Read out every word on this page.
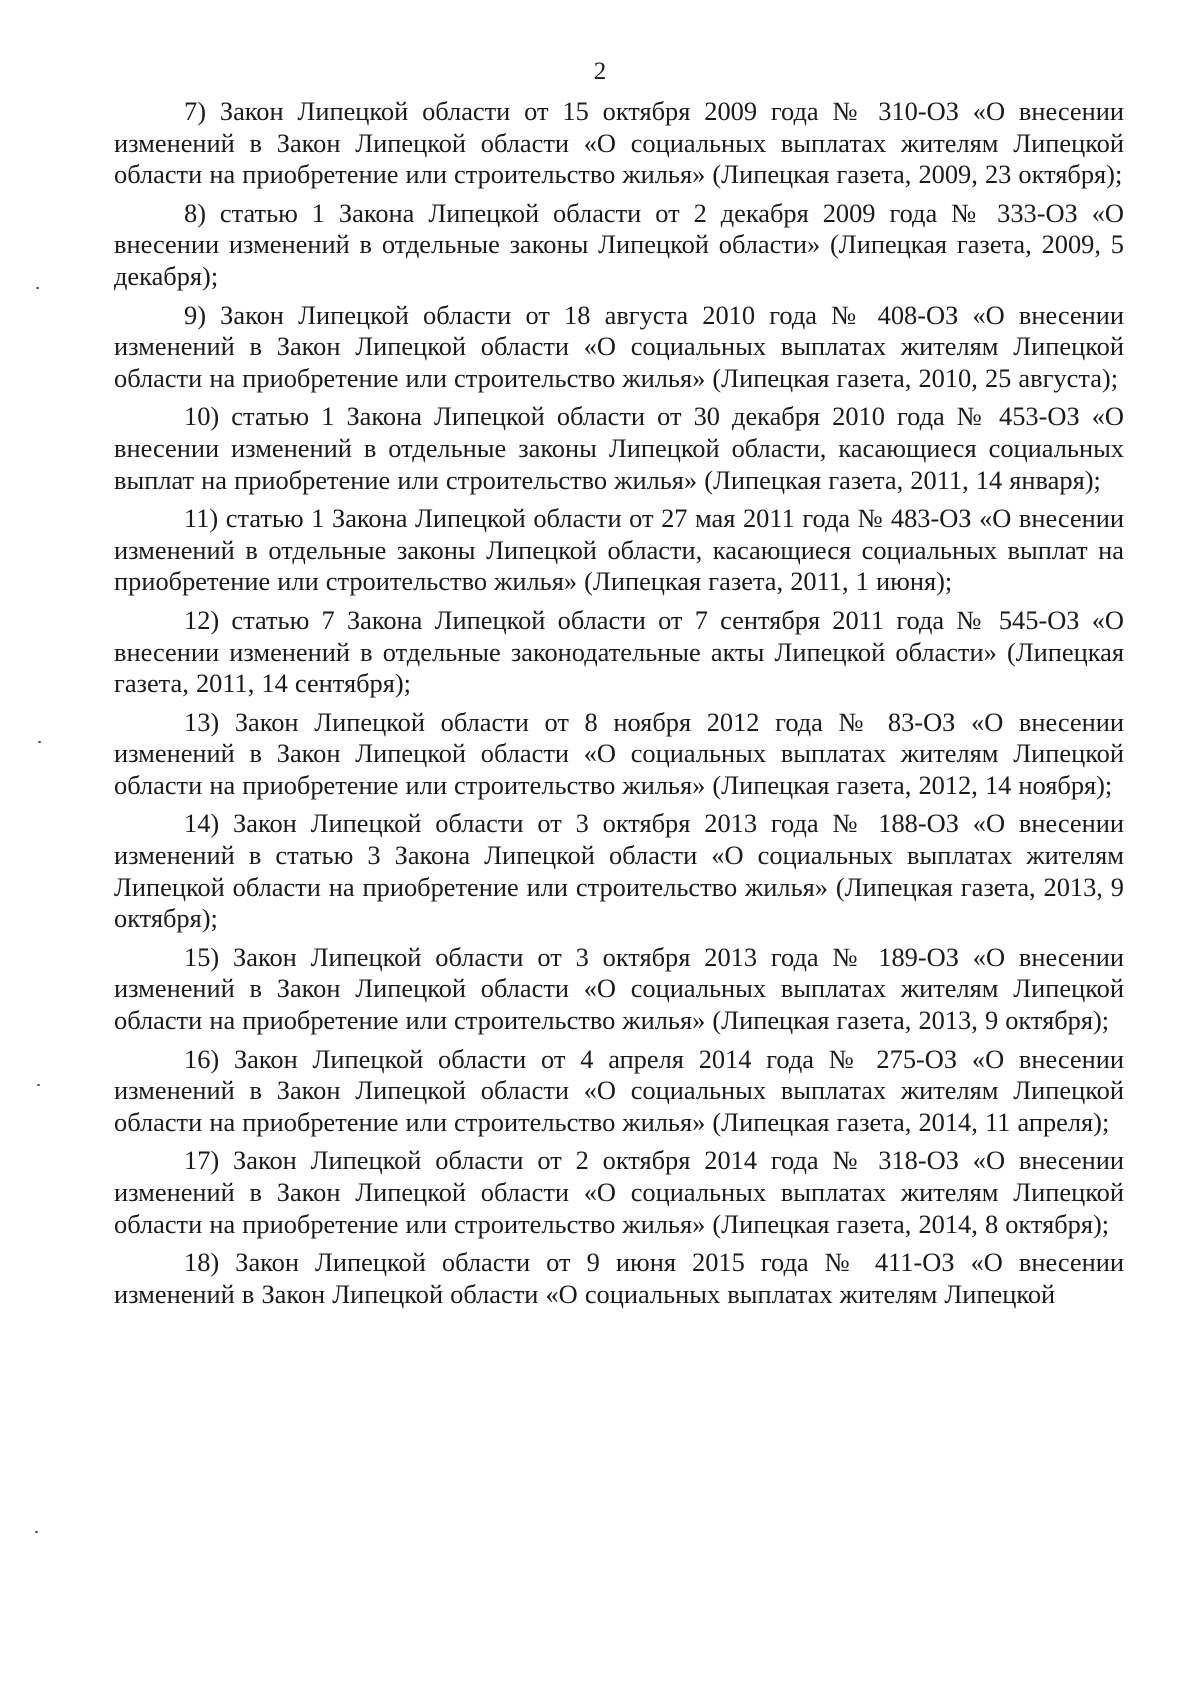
2

7) Закон Липецкой области от 15 октября 2009 года № 310-ОЗ «О внесении изменений в Закон Липецкой области «О социальных выплатах жителям Липецкой области на приобретение или строительство жилья» (Липецкая газета, 2009, 23 октября);

8) статью 1 Закона Липецкой области от 2 декабря 2009 года № 333-ОЗ «О внесении изменений в отдельные законы Липецкой области» (Липецкая газета, 2009, 5 декабря);

9) Закон Липецкой области от 18 августа 2010 года № 408-ОЗ «О внесении изменений в Закон Липецкой области «О социальных выплатах жителям Липецкой области на приобретение или строительство жилья» (Липецкая газета, 2010, 25 августа);

10) статью 1 Закона Липецкой области от 30 декабря 2010 года № 453-ОЗ «О внесении изменений в отдельные законы Липецкой области, касающиеся социальных выплат на приобретение или строительство жилья» (Липецкая газета, 2011, 14 января);

11) статью 1 Закона Липецкой области от 27 мая 2011 года № 483-ОЗ «О внесении изменений в отдельные законы Липецкой области, касающиеся социальных выплат на приобретение или строительство жилья» (Липецкая газета, 2011, 1 июня);

12) статью 7 Закона Липецкой области от 7 сентября 2011 года № 545-ОЗ «О внесении изменений в отдельные законодательные акты Липецкой области» (Липецкая газета, 2011, 14 сентября);

13) Закон Липецкой области от 8 ноября 2012 года № 83-ОЗ «О внесении изменений в Закон Липецкой области «О социальных выплатах жителям Липецкой области на приобретение или строительство жилья» (Липецкая газета, 2012, 14 ноября);

14) Закон Липецкой области от 3 октября 2013 года № 188-ОЗ «О внесении изменений в статью 3 Закона Липецкой области «О социальных выплатах жителям Липецкой области на приобретение или строительство жилья» (Липецкая газета, 2013, 9 октября);

15) Закон Липецкой области от 3 октября 2013 года № 189-ОЗ «О внесении изменений в Закон Липецкой области «О социальных выплатах жителям Липецкой области на приобретение или строительство жилья» (Липецкая газета, 2013, 9 октября);

16) Закон Липецкой области от 4 апреля 2014 года № 275-ОЗ «О внесении изменений в Закон Липецкой области «О социальных выплатах жителям Липецкой области на приобретение или строительство жилья» (Липецкая газета, 2014, 11 апреля);

17) Закон Липецкой области от 2 октября 2014 года № 318-ОЗ «О внесении изменений в Закон Липецкой области «О социальных выплатах жителям Липецкой области на приобретение или строительство жилья» (Липецкая газета, 2014, 8 октября);

18) Закон Липецкой области от 9 июня 2015 года № 411-ОЗ «О внесении изменений в Закон Липецкой области «О социальных выплатах жителям Липецкой
